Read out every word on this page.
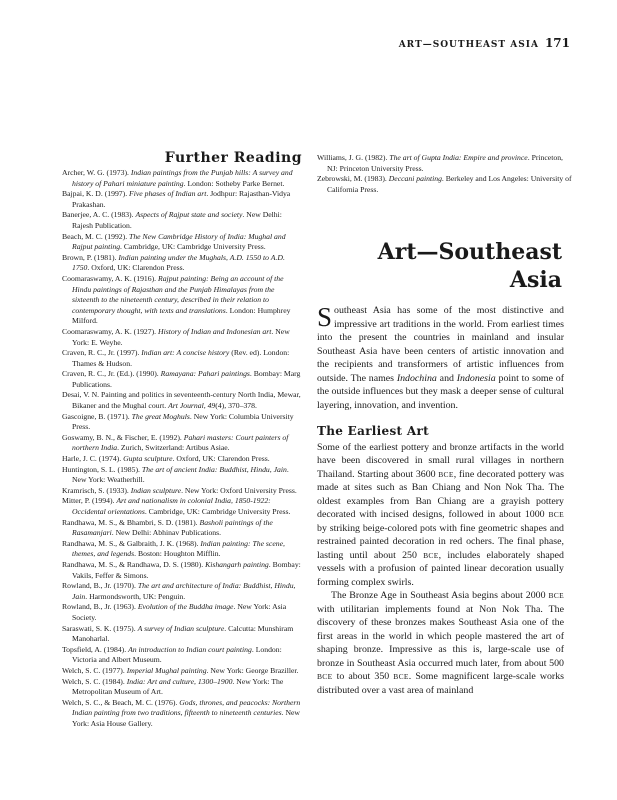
ART—SOUTHEAST ASIA 171
Further Reading

Archer, W. G. (1973). Indian paintings from the Punjab hills: A survey and history of Pahari miniature painting. London: Sotheby Parke Bernet.

Bajpai, K. D. (1997). Five phases of Indian art. Jodhpur: Rajasthan-Vidya Prakashan.

Banerjee, A. C. (1983). Aspects of Rajput state and society. New Delhi: Rajesh Publication.

Beach, M. C. (1992). The New Cambridge History of India: Mughal and Rajput painting. Cambridge, UK: Cambridge University Press.

Brown, P. (1981). Indian painting under the Mughals, A.D. 1550 to A.D. 1750. Oxford, UK: Clarendon Press.

Coomaraswamy, A. K. (1916). Rajput painting: Being an account of the Hindu paintings of Rajasthan and the Punjab Himalayas from the sixteenth to the nineteenth century, described in their relation to contemporary thought, with texts and translations. London: Humphrey Milford.

Coomaraswamy, A. K. (1927). History of Indian and Indonesian art. New York: E. Weyhe.

Craven, R. C., Jr. (1997). Indian art: A concise history (Rev. ed). London: Thames & Hudson.

Craven, R. C., Jr. (Ed.). (1990). Ramayana: Pahari paintings. Bombay: Marg Publications.

Desai, V. N. Painting and politics in seventeenth-century North India, Mewar, Bikaner and the Mughal court. Art Journal, 49(4), 370–378.

Gascoigne, B. (1971). The great Moghuls. New York: Columbia University Press.

Goswamy, B. N., & Fischer, E. (1992). Pahari masters: Court painters of northern India. Zurich, Switzerland: Artibus Asiae.

Harle, J. C. (1974). Gupta sculpture. Oxford, UK: Clarendon Press.

Huntington, S. L. (1985). The art of ancient India: Buddhist, Hindu, Jain. New York: Weatherhill.

Kramrisch, S. (1933). Indian sculpture. New York: Oxford University Press.

Mitter, P. (1994). Art and nationalism in colonial India, 1850-1922: Occidental orientations. Cambridge, UK: Cambridge University Press.

Randhawa, M. S., & Bhambri, S. D. (1981). Basholi paintings of the Rasamanjari. New Delhi: Abhinav Publications.

Randhawa, M. S., & Galbraith, J. K. (1968). Indian painting: The scene, themes, and legends. Boston: Houghton Mifflin.

Randhawa, M. S., & Randhawa, D. S. (1980). Kishangarh painting. Bombay: Vakils, Feffer & Simons.

Rowland, B., Jr. (1970). The art and architecture of India: Buddhist, Hindu, Jain. Harmondsworth, UK: Penguin.

Rowland, B., Jr. (1963). Evolution of the Buddha image. New York: Asia Society.

Saraswati, S. K. (1975). A survey of Indian sculpture. Calcutta: Munshiram Manoharlal.

Topsfield, A. (1984). An introduction to Indian court painting. London: Victoria and Albert Museum.

Welch, S. C. (1977). Imperial Mughal painting. New York: George Braziller.

Welch, S. C. (1984). India: Art and culture, 1300–1900. New York: The Metropolitan Museum of Art.

Welch, S. C., & Beach, M. C. (1976). Gods, thrones, and peacocks: Northern Indian painting from two traditions, fifteenth to nineteenth centuries. New York: Asia House Gallery.

Williams, J. G. (1982). The art of Gupta India: Empire and province. Princeton, NJ: Princeton University Press.

Zebrowski, M. (1983). Deccani painting. Berkeley and Los Angeles: University of California Press.

Art—Southeast
Asia

Southeast Asia has some of the most distinctive and impressive art traditions in the world. From earliest times into the present the countries in mainland and insular Southeast Asia have been centers of artistic innovation and the recipients and transformers of artistic influences from outside. The names Indochina and Indonesia point to some of the outside influences but they mask a deeper sense of cultural layering, innovation, and invention.

The Earliest Art

Some of the earliest pottery and bronze artifacts in the world have been discovered in small rural villages in northern Thailand. Starting about 3600 BCE, fine decorated pottery was made at sites such as Ban Chiang and Non Nok Tha. The oldest examples from Ban Chiang are a grayish pottery decorated with incised designs, followed in about 1000 BCE by striking beige-colored pots with fine geometric shapes and restrained painted decoration in red ochers. The final phase, lasting until about 250 BCE, includes elaborately shaped vessels with a profusion of painted linear decoration usually forming complex swirls.

The Bronze Age in Southeast Asia begins about 2000 BCE with utilitarian implements found at Non Nok Tha. The discovery of these bronzes makes Southeast Asia one of the first areas in the world in which people mastered the art of shaping bronze. Impressive as this is, large-scale use of bronze in Southeast Asia occurred much later, from about 500 BCE to about 350 BCE. Some magnificent large-scale works distributed over a vast area of mainland
